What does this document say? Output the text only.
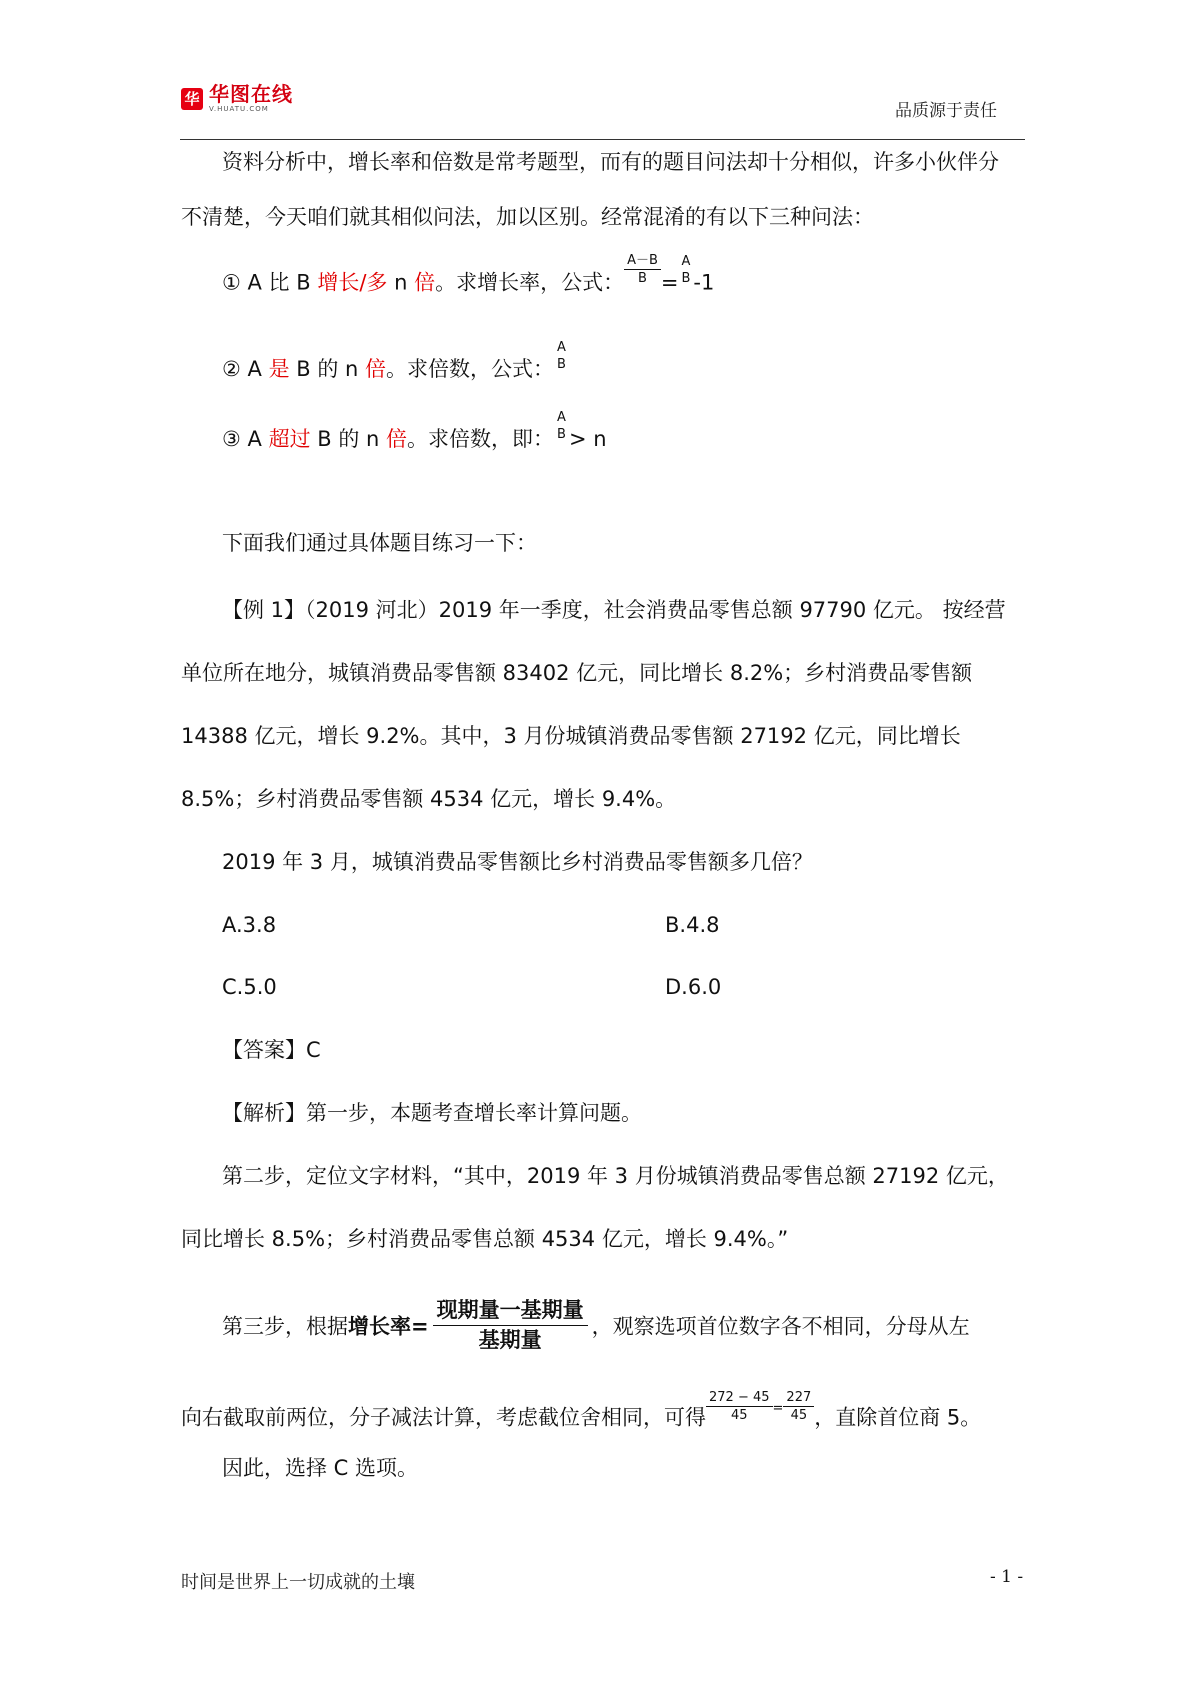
华 华图在线
V.HUATU.COM	品质源于责任
资料分析中，增长率和倍数是常考题型，而有的题目问法却十分相似，许多小伙伴分
不清楚，今天咱们就其相似问法，加以区别。经常混淆的有以下三种问法：
① A 比 B 增长/多 n 倍。求增长率，公式： $\frac{A-B}{B}$ =
A
B -1
② A 是 B 的 n 倍。求倍数，公式：
A
B
③ A 超过 B 的 n 倍。求倍数，即：
A
B > n
下面我们通过具体题目练习一下：
【例 1】（2019 河北）2019 年一季度，社会消费品零售总额 97790 亿元。 按经营
单位所在地分，城镇消费品零售额 83402 亿元，同比增长 8.2%；乡村消费品零售额
14388 亿元，增长 9.2%。其中，3 月份城镇消费品零售额 27192 亿元，同比增长
8.5%；乡村消费品零售额 4534 亿元，增长 9.4%。
2019 年 3 月，城镇消费品零售额比乡村消费品零售额多几倍？
A.3.8	B.4.8
C.5.0	D.6.0
【答案】C
【解析】第一步，本题考查增长率计算问题。
第二步，定位文字材料，“其中，2019 年 3 月份城镇消费品零售总额 27192 亿元，
同比增长 8.5%；乡村消费品零售总额 4534 亿元，增长 9.4%。”
第三步，根据增长率= $\frac{\text{现期量一基期量}}{\text{基期量}}$ ，观察选项首位数字各不相同，分母从左
向右截取前两位，分子减法计算，考虑截位舍相同，可得 $\frac{272 - 45}{45} ^= \frac{227}{45}$ ，直除首位商 5。
因此，选择 C 选项。
时间是世界上一切成就的土壤	- 1 -
